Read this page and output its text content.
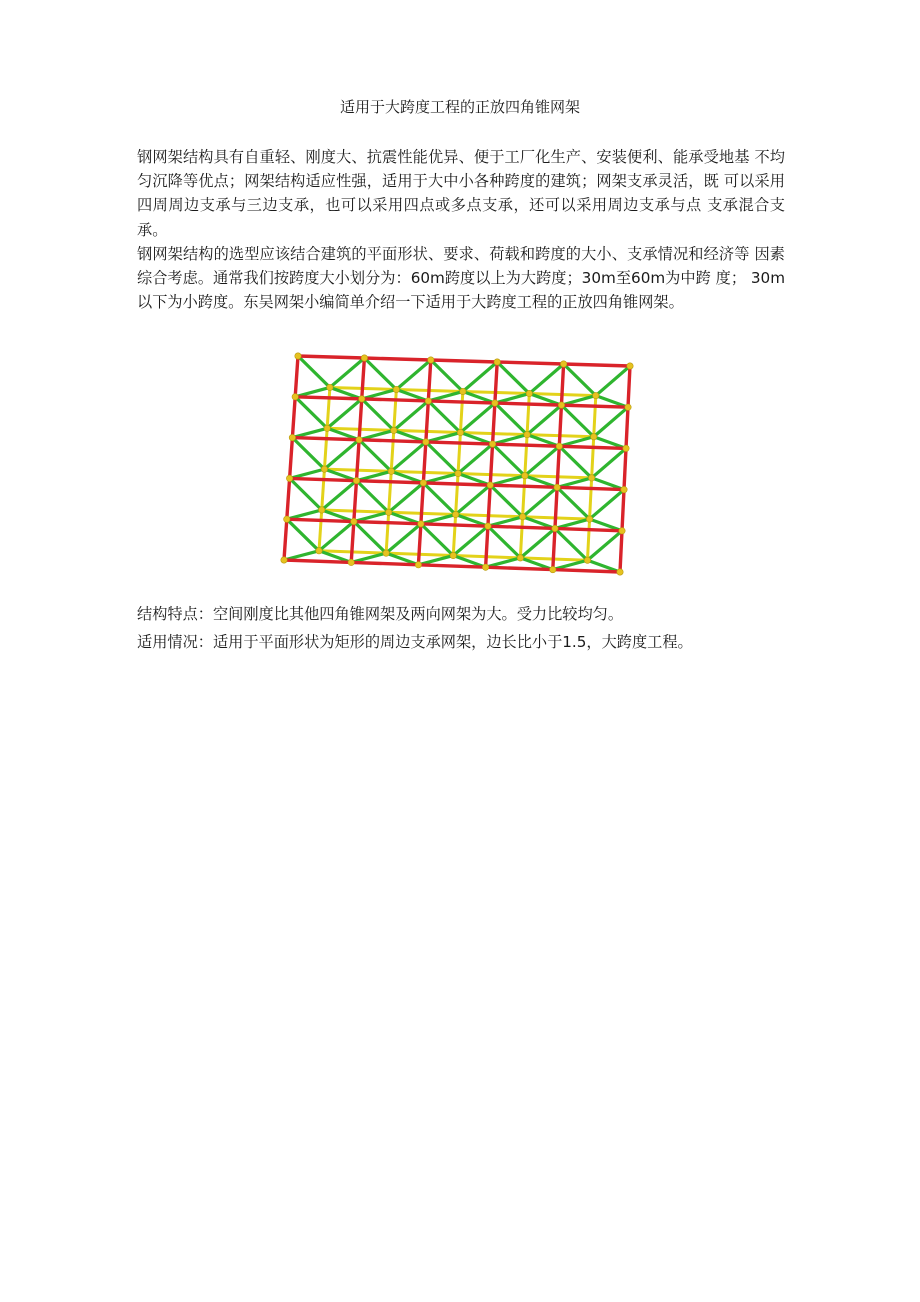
适用于大跨度工程的正放四角锥网架
钢网架结构具有自重轻、刚度大、抗震性能优异、便于工厂化生产、安装便利、能承受地基 不均匀沉降等优点；网架结构适应性强，适用于大中小各种跨度的建筑；网架支承灵活，既 可以采用四周周边支承与三边支承，也可以采用四点或多点支承，还可以采用周边支承与点 支承混合支承。
钢网架结构的选型应该结合建筑的平面形状、要求、荷载和跨度的大小、支承情况和经济等 因素综合考虑。通常我们按跨度大小划分为：60m跨度以上为大跨度；30m至60m为中跨 度； 30m 以下为小跨度。东吴网架小编简单介绍一下适用于大跨度工程的正放四角锥网架。
结构特点：空间刚度比其他四角锥网架及两向网架为大。受力比较均匀。
适用情况：适用于平面形状为矩形的周边支承网架，边长比小于1.5，大跨度工程。
